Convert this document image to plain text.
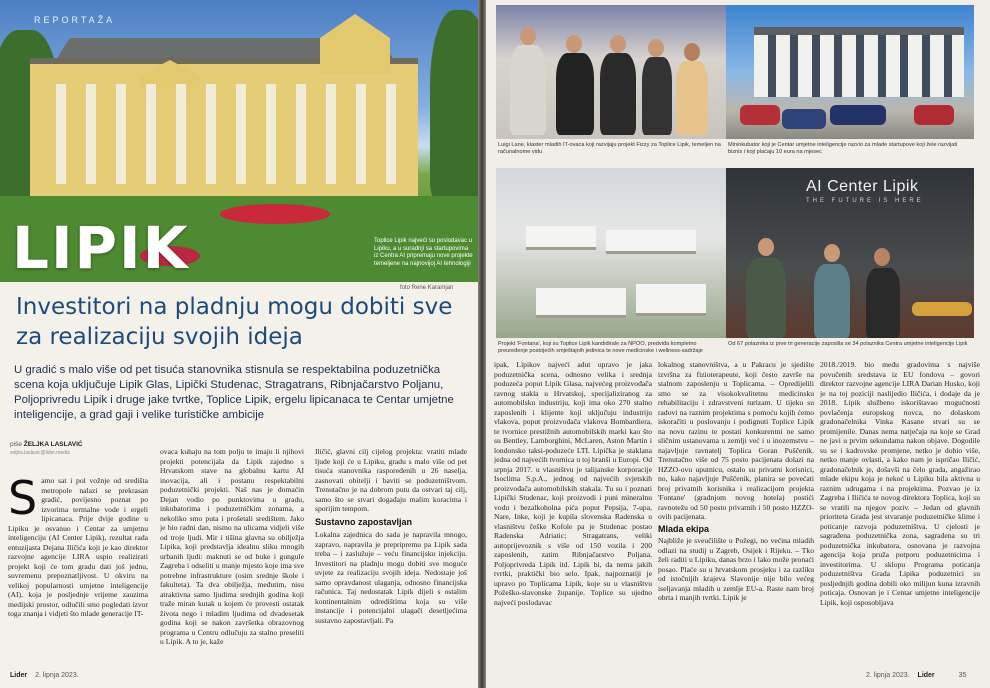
REPORTAŽA
LIPIK	Toplice Lipik najveći su poslodavac u Lipiku, a u suradnji sa startupovima iz Centra AI pripremaju nove projekte temeljene na najnovijoj AI tehnologiji
foto Rene Karamjan
Investitori na pladnju mogu dobiti sve za realizaciju svojih ideja
U gradić s malo više od pet tisuća stanovnika stisnula se respektabilna poduzetnička scena koja uključuje Lipik Glas, Lipički Studenac, Stragatrans, Ribnjačarstvo Poljanu, Poljoprivredu Lipik i druge jake tvrtke, Toplice Lipik, ergelu lipicanaca te Centar umjetne inteligencije, a grad gaji i velike turističke ambicije
piše ŽELJKA LASLAVIĆ
zeljka.laslavic@lider.media
S amo sat i pol vožnje od središta metropole nalazi se prekrasan gradić, povijesno poznat po izvorima termalne vode i ergeli lipicanaca. Prije dvije godine u Lipiku je osvanuo i Centar za umjetnu inteligenciju (AI Center Lipik), rezultat rada entuzijasta Dejana Iličića koji je kao direktor razvojne agencije LIRA uspio realizirati projekt koji će tom gradu dati još jednu, suvremenu prepoznatljivost. U okviru na velikoj popularnosti umjetne inteligencije (AI), koja je posljednje vrijeme zauzima medijski prostor, odlučili smo pogledati izvor toga znanja i vidjeti što mlade generacije IT-
ovaca kuhaju na tom polju te imaju li njihovi projekti potencijala da Lipik zajedno s Hrvatskom stave na globalnu kartu AI inovacija, ali i postanu respektabilni poduzetnički projekti. Naš nas je domaćin Dejan vodio po punktovima u gradu, inkubatorima i poduzetničkim zonama, a nekoliko smo puta i prošetali središtem. Jako je bio radni dan, nismo na ulicama vidjeli više od troje ljudi. Mir i tišina glavna su obilježja Lipika, koji predstavlja idealnu sliku mnogih urbanih ljudi: maknuti se od buke i gungule Zagreba i odseliti u manje mjesto koje ima sve potrebne infrastrukture (osim srednje škole i fakulteta). Ta dva obilježja, međutim, nisu atraktivna samo ljudima srednjih godina koji traže miran kutak u kojem će provesti ostatak života nego i mladim ljudima od dvadesetak godina koji se nakon završetka obrazovnog programa u Centru odlučuju za stalno preseliti u Lipik. A to je, kaže
Iličić, glavni cilj cijelog projekta: vratiti mlade ljude koji će u Lipiku, gradu s malo više od pet tisuća stanovnika raspoređenih u 26 naselja, zasnovati obitelji i baviti se poduzetništvom. Trenutačno je na dobrom putu da ostvari taj cilj, samo što se stvari događaju malim koracima i sporijim tempom.
Sustavno zapostavljan
Lokalna zajednica do sada je napravila mnogo, zapravo, napravila je prepripremu pa Lipik sada treba – i zaslužuje – veću financijsku injekciju. Investitori na pladnju mogu dobiti sve moguće uvjete za realizaciju svojih ideja. Nedostaje još samo opravdanost ulaganja, odnosno financijska računica. Taj nedostatak Lipik dijeli s ostalim kontinentalnim odredištima koja su više instancije i potencijalni ulagači desetljećima sustavno zapostavljali. Pa
Lider 2. lipnja 2023.
Luigi Lane, klaster mladih IT-ovaca koji razvijaju projekt Fizzy za Toplice Lipik, temeljen na računalnome vidu
Mininkubator koji je Centar umjetne inteligencije razvio za mlade startupove koji žele razvijati biznis i koji plaćaju 10 eura na mjesec
AI Center Lipik
THE FUTURE IS HERE
Projekt 'Fontana', koji su Toplice Lipik kandidirale za NPOO, predviđa kompletno preuređenje postojećih smještajnih jedinica te nove medicinske i wellness-sadržaje
Od 67 polaznika iz prve tri generacije zaposlila se 34 polaznika Centra umjetne inteligencije Lipik
ipak, Lipikov najveći adut upravo je jaka poduzetnička scena, odnosno velika i srednja poduzeća poput Lipik Glasa, najvećeg proizvođača ravnog stakla u Hrvatskoj, specijaliziranog za automobilsku industriju, koji ima oko 270 stalno zaposlenih i klijente koji uključuju industriju vlakova, poput proizvođača vlakova Bombardiera, te tvornice prestižnih automobilskih marki kao što su Bentley, Lamborghini, McLaren, Aston Martin i londonsko taksi-poduzeće LTI. Lipička je staklana jedna od najvećih tvornica u toj branši u Europi. Od srpnja 2017. u vlasništvu je talijanske korporacije Isoclima S.p.A., jednog od najvećih svjetskih proizvođača automobilskih stakala. Tu su i poznati Lipički Studenac, koji proizvodi i puni mineralnu vodu i bezalkoholna pića poput Pepsija, 7-upa, Nare, Inke, koji je kupila slovenska Radenska u vlasništvu češke Kofole pa je Studenac postao Radenska Adriatic; Stragatrans, veliki autoprijevoznik s više od 150 vozila i 200 zaposlenih, zatim Ribnjačarstvo Poljana, Poljoprivreda Lipik itd. Lipik bi, da nema jakih tvrtki, praktički bio selo. Ipak, najpoznatiji je upravo po Toplicama Lipik, koje su u vlasništvu Požeško-slavonske županije. Toplice su ujedno najveći poslodavac
lokalnog stanovništva, a u Pakracu je sjedište izvršna za fizioterapeute, koji često završe na stalnom zaposlenju u Toplicama. – Opredijelili smo se za visokokvalitetnu medicinsku rehabilitaciju i zdravstveni turizam. U tijeku su radovi na raznim projektima s pomoću kojih ćemo iskoračiti u poslovanju i podignuti Toplice Lipik na novu razinu te postati konkurentni ne samo sličnim ustanovama u zemlji već i u inozemstvu – najavljuje ravnatelj Toplica Goran Puščenik. Trenutačno više od 75 posto pacijenata dolazi na HZZO-ovu uputnicu, ostalo su privatni korisnici, no, kako najavljuje Puščenik, planira se povećati broj privatnih korisnika i realizacijom projekta 'Fontane' (gradnjom novog hotela) postići ravnotežu od 50 posto privatnih i 50 posto HZZO-ovih pacijenata.
Mlada ekipa
Najbliže je sveučilište u Požegi, no većina mladih odlazi na studij u Zagreb, Osijek i Rijeku. – Tko želi raditi u Lipiku, danas brzo i lako može pronaći posao. Plaće su u hrvatskom prosjeku i za razliku od istočnijih krajeva Slavonije nije bilo većeg iseljavanja mladih u zemlje EU-a. Raste nam broj obrta i manjih tvrtki. Lipik je
2018./2019. bio među gradovima s najviše povučenih sredstava iz EU fondova – govori direktor razvojne agencije LIRA Darian Husko, koji je na toj poziciji naslijedio Iličića, i dodaje da je 2018. Lipik službeno iskorištavao mogućnosti povlačenja europskog novca, no dolaskom gradonačelnika Vinka Kasane stvari su se promijenile. Danas nema natječaja na koje se Grad ne javi u prvim sekundama nakon objave. Dogodile su se i kadrovske promjene, netko je dobio više, netko manje ovlasti, a kako nam je ispričao Iličić, gradonačelnik je, došavši na čelo grada, angažirao mlade ekipu koja je nekoć u Lipiku bila aktivna u raznim udrugama i na projektima. Pozvao je iz Zagreba i Iličića te novog direktora Toplica, koji su se vratili na njegov poziv. – Jedan od glavnih prioriteta Grada jest stvaranje poduzetničke klime i poticanje razvoja poduzetništva. U cjelosti je sagrađena poduzetnička zona, sagrađena su tri poduzetnička inkubatora, osnovana je razvojna agencija koja pruža potporu poduzetnicima i investitorima. U sklopu Programa poticanja poduzetništva Grada Lipika poduzetnici su posljednjih godina dobili oko milijun kuna izravnih poticaja. Osnovan je i Centar umjetne inteligencije Lipik, koji osposobljava
2. lipnja 2023. Lider	35
